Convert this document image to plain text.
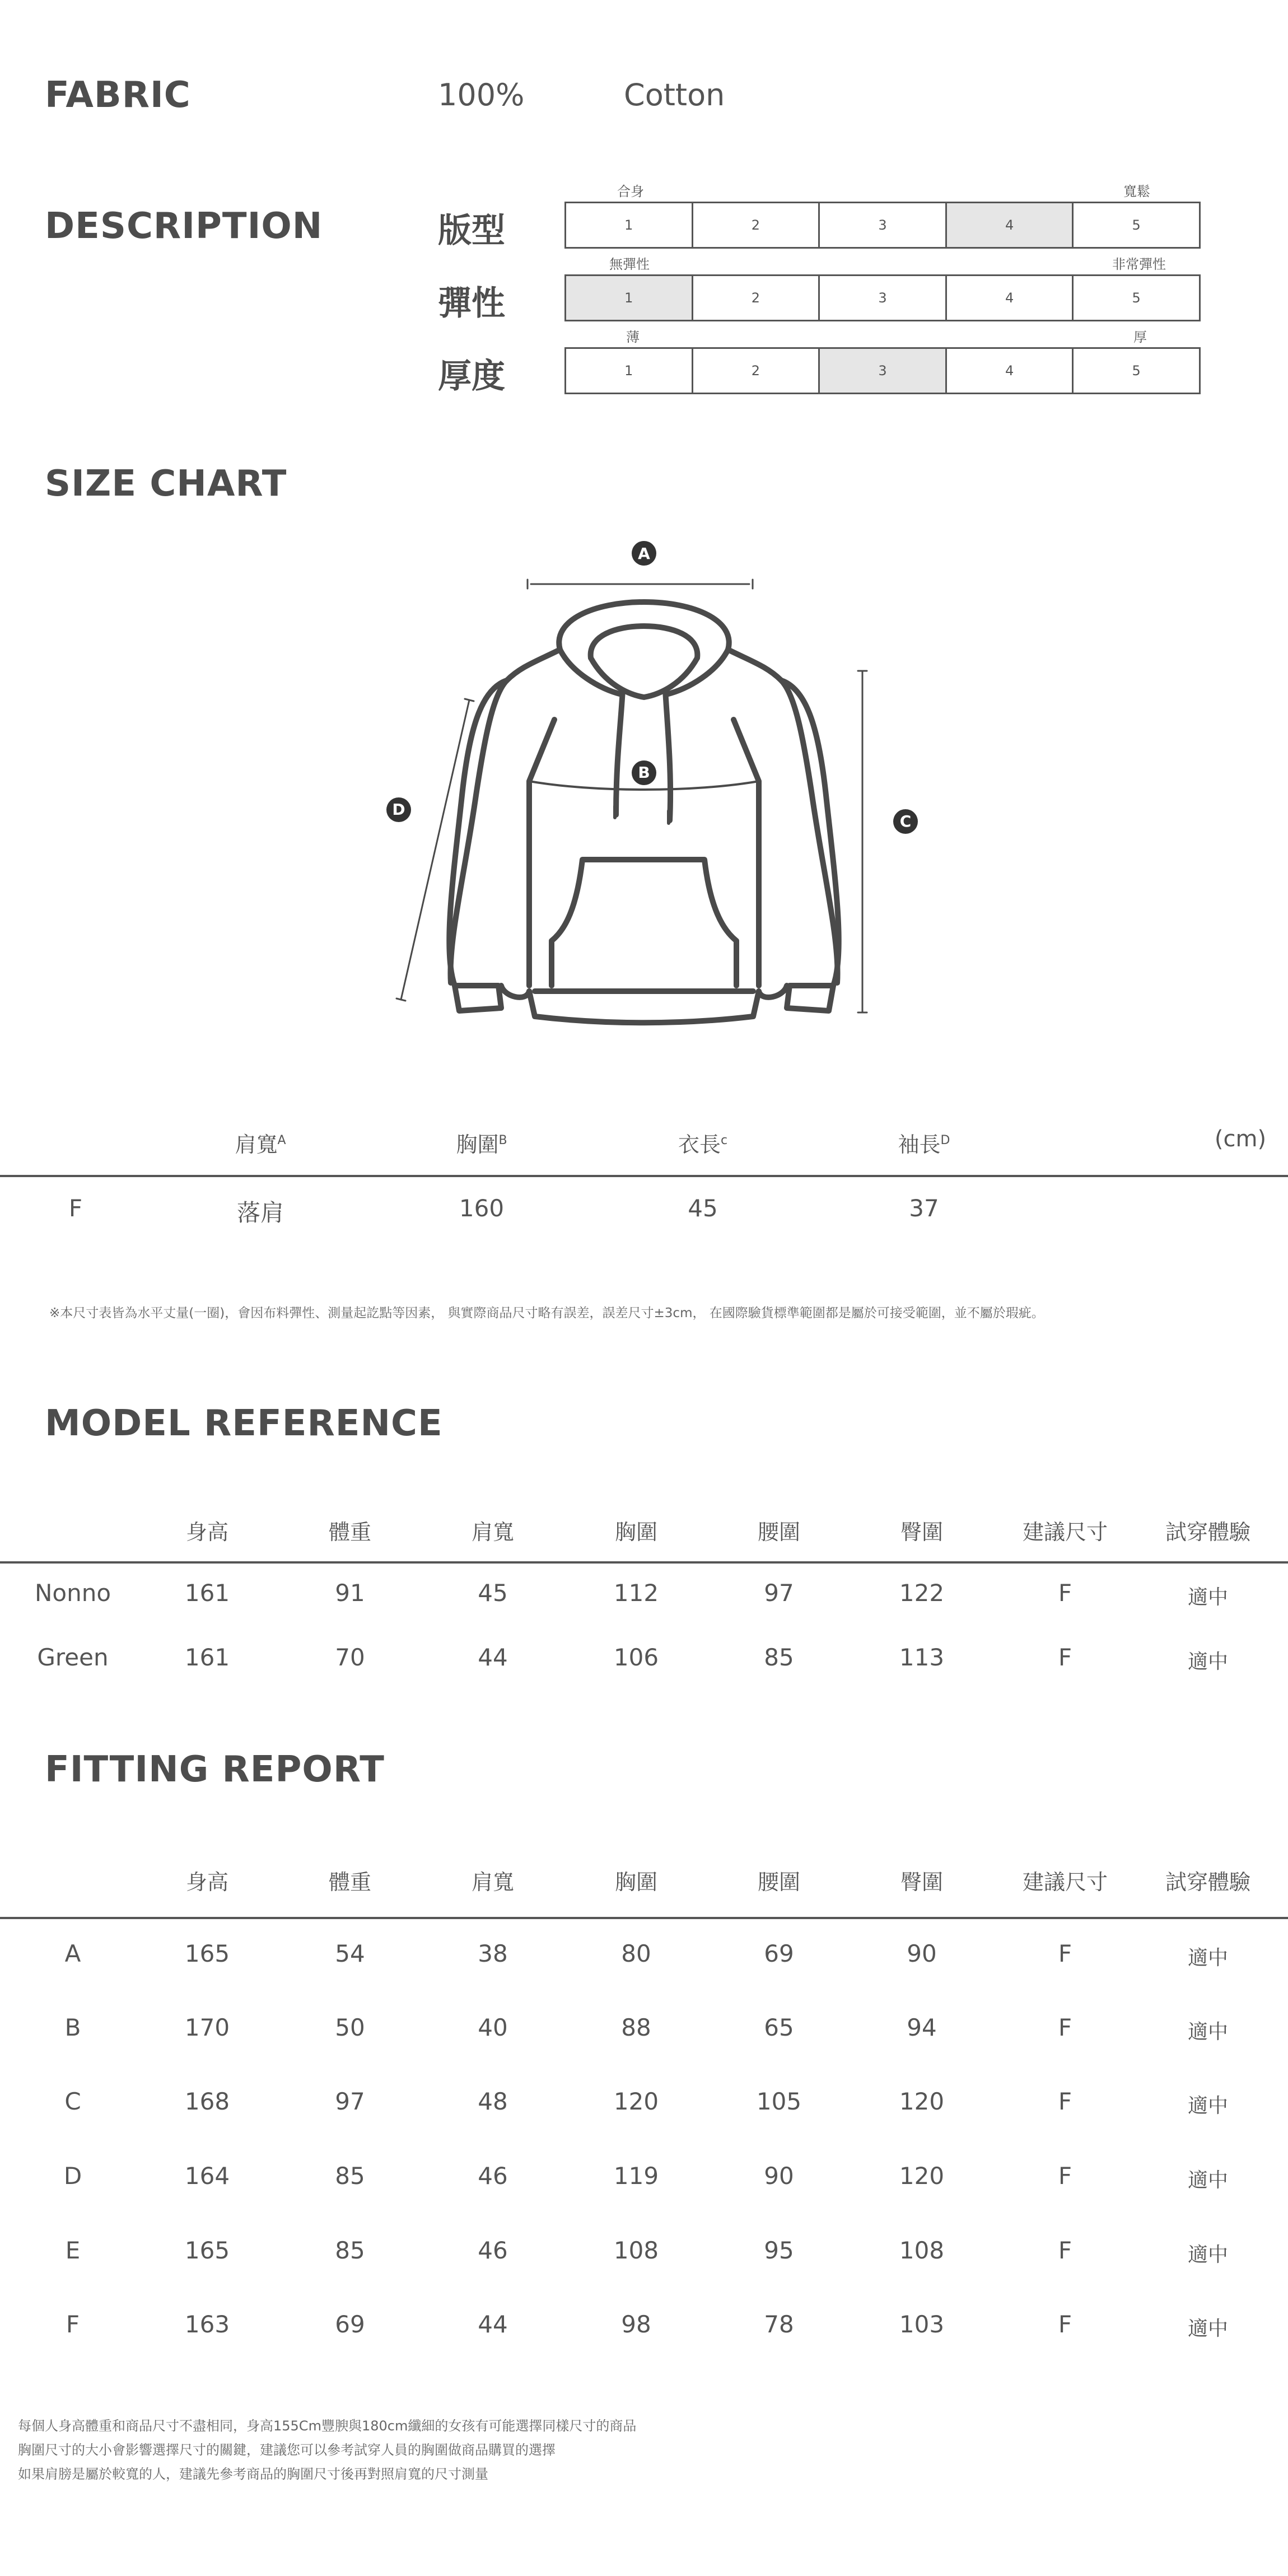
FABRIC	100%	Cotton
DESCRIPTION
合身	寬鬆
版型	1	2	3	4	5
無彈性	非常彈性
彈性	1	2	3	4	5
薄	厚
厚度	1	2	3	4	5
SIZE CHART
A
B
C
D
肩寬$^A$	胸圍$^B$	衣長$^c$	袖長$^D$	(cm)
F	落肩	160	45	37
※本尺寸表皆為水平丈量(一圈)，會因布料彈性、測量起訖點等因素， 與實際商品尺寸略有誤差，誤差尺寸±3cm， 在國際驗貨標準範圍都是屬於可接受範圍，並不屬於瑕疵。
MODEL REFERENCE
身高	體重	肩寬	胸圍	腰圍	臀圍	建議尺寸	試穿體驗
Nonno	161	91	45	112	97	122	F	適中
Green	161	70	44	106	85	113	F	適中
FITTING REPORT
身高	體重	肩寬	胸圍	腰圍	臀圍	建議尺寸	試穿體驗
A	165	54	38	80	69	90	F	適中
B	170	50	40	88	65	94	F	適中
C	168	97	48	120	105	120	F	適中
D	164	85	46	119	90	120	F	適中
E	165	85	46	108	95	108	F	適中
F	163	69	44	98	78	103	F	適中
每個人身高體重和商品尺寸不盡相同，身高155Cm豐腴與180cm纖細的女孩有可能選擇同樣尺寸的商品
胸圍尺寸的大小會影響選擇尺寸的關鍵，建議您可以參考試穿人員的胸圍做商品購買的選擇
如果肩膀是屬於較寬的人，建議先參考商品的胸圍尺寸後再對照肩寬的尺寸測量
